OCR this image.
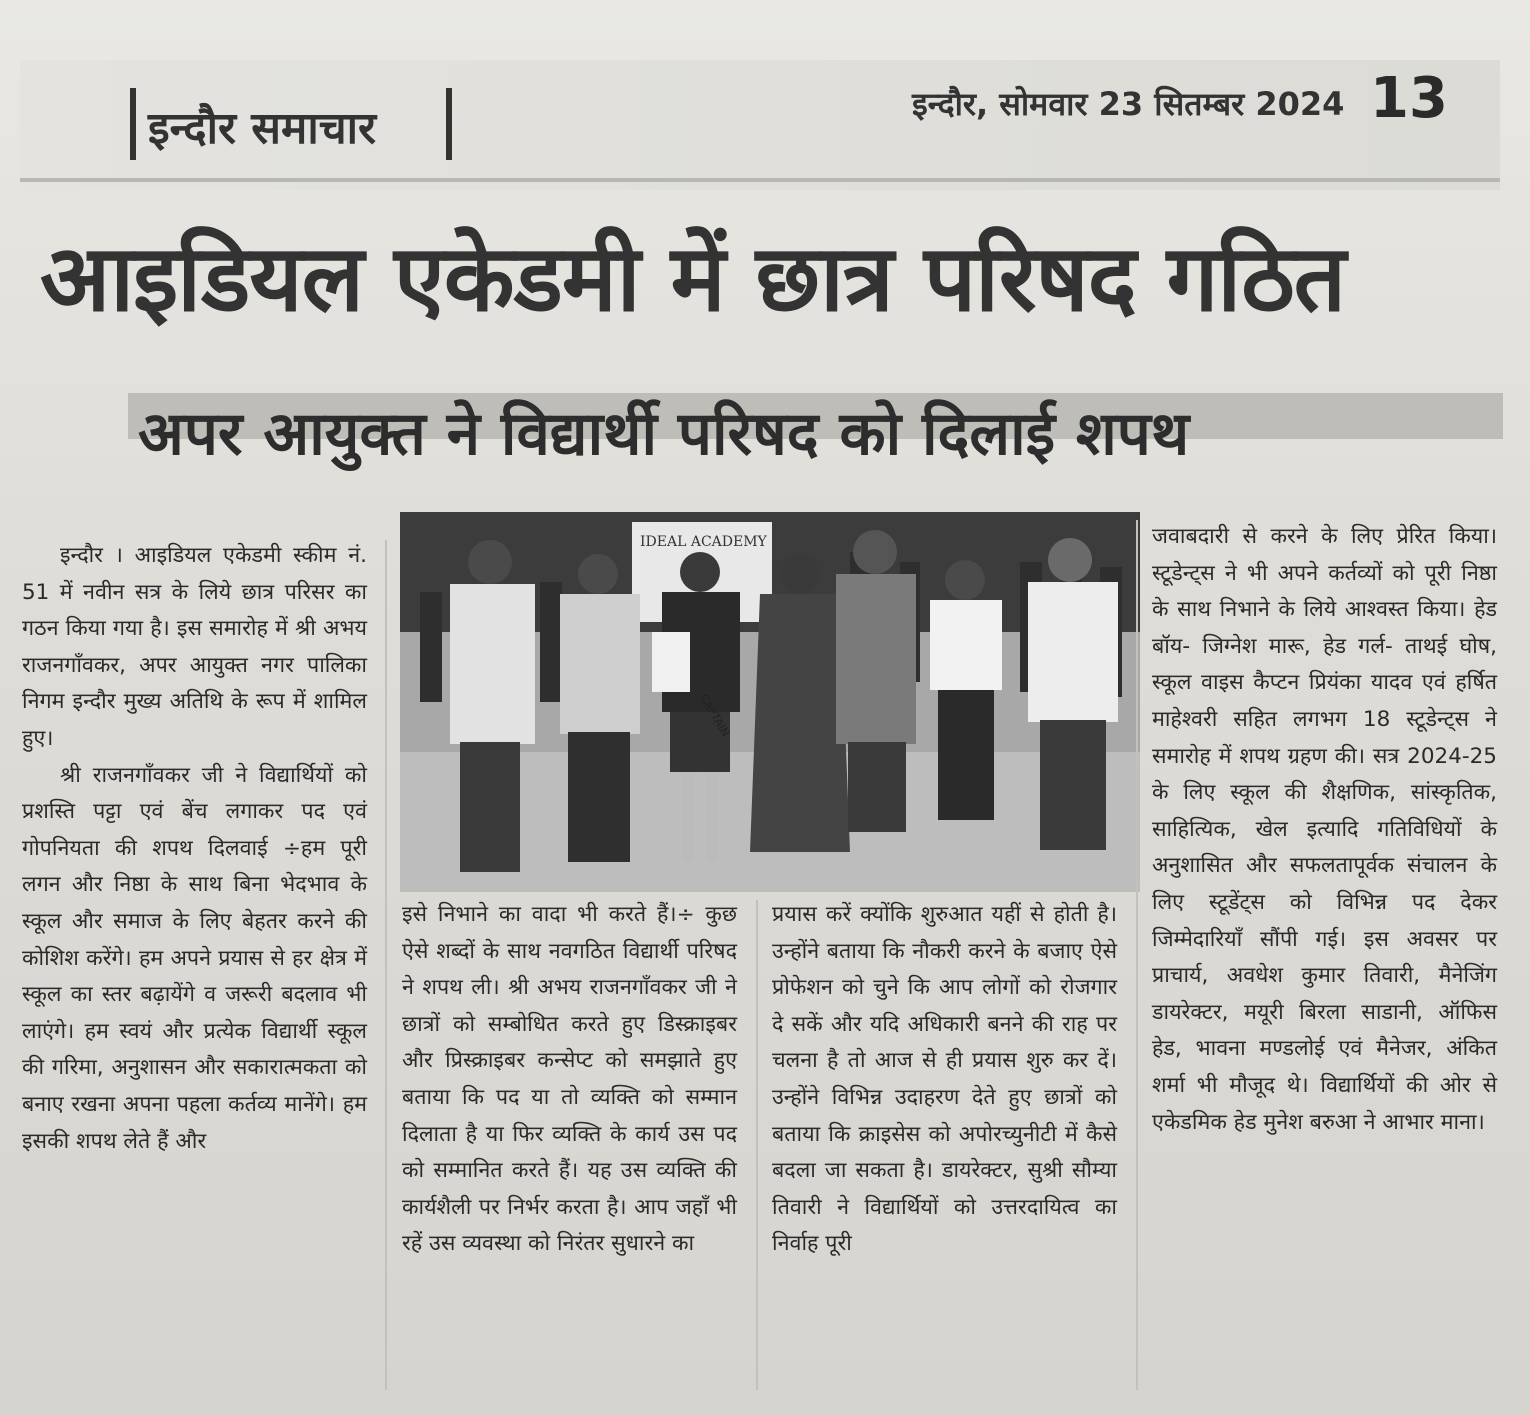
इन्दौर समाचार	इन्दौर, सोमवार 23 सितम्बर 2024 13
आइडियल एकेडमी में छात्र परिषद गठित
अपर आयुक्त ने विद्यार्थी परिषद को दिलाई शपथ

इन्दौर । आइडियल एकेडमी स्कीम नं. 51 में नवीन सत्र के लिये छात्र परिसर का गठन किया गया है। इस समारोह में श्री अभय राजनगाँवकर, अपर आयुक्त नगर पालिका निगम इन्दौर मुख्य अतिथि के रूप में शामिल हुए।

श्री राजनगाँवकर जी ने विद्यार्थियों को प्रशस्ति पट्टा एवं बेंच लगाकर पद एवं गोपनियता की शपथ दिलवाई ÷हम पूरी लगन और निष्ठा के साथ बिना भेदभाव के स्कूल और समाज के लिए बेहतर करने की कोशिश करेंगे। हम अपने प्रयास से हर क्षेत्र में स्कूल का स्तर बढ़ायेंगे व जरूरी बदलाव भी लाएंगे। हम स्वयं और प्रत्येक विद्यार्थी स्कूल की गरिमा, अनुशासन और सकारात्मकता को बनाए रखना अपना पहला कर्तव्य मानेंगे। हम इसकी शपथ लेते हैं और

IDEAL ACADEMY
CAPTAIN

इसे निभाने का वादा भी करते हैं।÷ कुछ ऐसे शब्दों के साथ नवगठित विद्यार्थी परिषद ने शपथ ली। श्री अभय राजनगाँवकर जी ने छात्रों को सम्बोधित करते हुए डिस्क्राइबर और प्रिस्क्राइबर कन्सेप्ट को समझाते हुए बताया कि पद या तो व्यक्ति को सम्मान दिलाता है या फिर व्यक्ति के कार्य उस पद को सम्मानित करते हैं। यह उस व्यक्ति की कार्यशैली पर निर्भर करता है। आप जहाँ भी रहें उस व्यवस्था को निरंतर सुधारने का

प्रयास करें क्योंकि शुरुआत यहीं से होती है। उन्होंने बताया कि नौकरी करने के बजाए ऐसे प्रोफेशन को चुने कि आप लोगों को रोजगार दे सकें और यदि अधिकारी बनने की राह पर चलना है तो आज से ही प्रयास शुरु कर दें। उन्होंने विभिन्न उदाहरण देते हुए छात्रों को बताया कि क्राइसेस को अपोरच्युनीटी में कैसे बदला जा सकता है। डायरेक्टर, सुश्री सौम्या तिवारी ने विद्यार्थियों को उत्तरदायित्व का निर्वाह पूरी

जवाबदारी से करने के लिए प्रेरित किया। स्टूडेन्ट्स ने भी अपने कर्तव्यों को पूरी निष्ठा के साथ निभाने के लिये आश्वस्त किया। हेड बॉय- जिग्नेश मारू, हेड गर्ल- ताथई घोष, स्कूल वाइस कैप्टन प्रियंका यादव एवं हर्षित माहेश्वरी सहित लगभग 18 स्टूडेन्ट्स ने समारोह में शपथ ग्रहण की। सत्र 2024-25 के लिए स्कूल की शैक्षणिक, सांस्कृतिक, साहित्यिक, खेल इत्यादि गतिविधियों के अनुशासित और सफलतापूर्वक संचालन के लिए स्टूडेंट्स को विभिन्न पद देकर जिम्मेदारियाँ सौंपी गई। इस अवसर पर प्राचार्य, अवधेश कुमार तिवारी, मैनेजिंग डायरेक्टर, मयूरी बिरला साडानी, ऑफिस हेड, भावना मण्डलोई एवं मैनेजर, अंकित शर्मा भी मौजूद थे। विद्यार्थियों की ओर से एकेडमिक हेड मुनेश बरुआ ने आभार माना।
